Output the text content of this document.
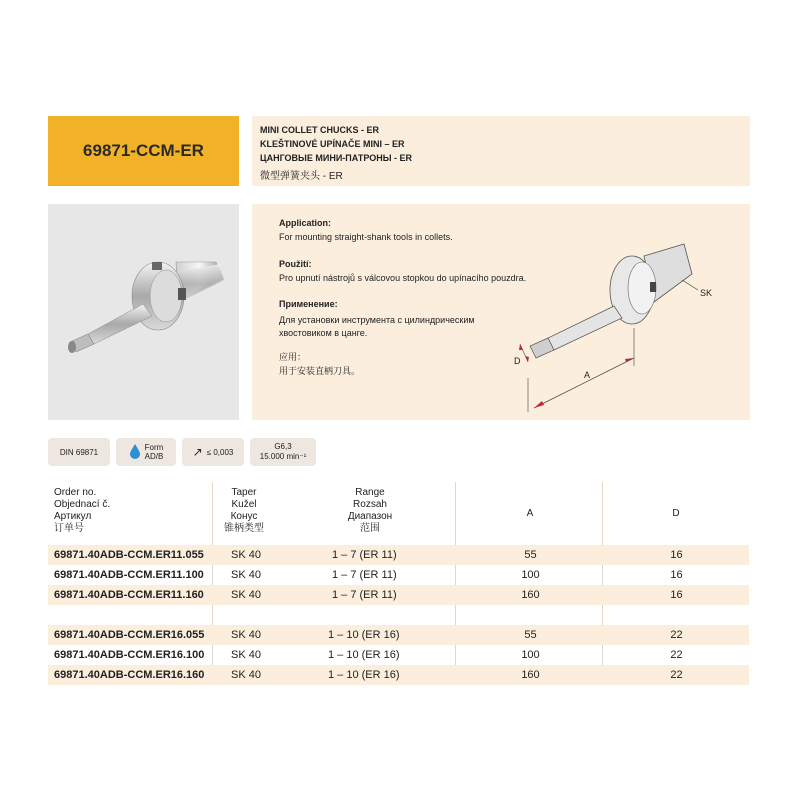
69871-CCM-ER
MINI COLLET CHUCKS - ER
KLEŠTINOVÉ UPÍNAČE MINI – ER
ЦАНГОВЫЕ МИНИ-ПАТРОНЫ - ER
微型弹簧夹头 - ER
Application:
For mounting straight-shank tools in collets.
Použití:
Pro upnutí nástrojů s válcovou stopkou do upínacího pouzdra.
Применение:
Для установки инструмента с цилиндрическим
хвостовиком в цанге.
应用：
用于安装直柄刀具。
SK
A
D
DIN 69871	Form
AD/B ↗ ≤ 0,003
G6,3
15.000 min⁻¹
Order no.
Objednací č.
Артикул
订单号
Taper
Kužel
Конус
锥柄类型
Range
Rozsah
Диапазон
范围
A	D
69871.40ADB-CCM.ER11.055 SK 40	1 – 7 (ER 11)	55	16
69871.40ADB-CCM.ER11.100 SK 40	1 – 7 (ER 11)	100	16
69871.40ADB-CCM.ER11.160 SK 40	1 – 7 (ER 11)	160	16
69871.40ADB-CCM.ER16.055 SK 40	1 – 10 (ER 16)	55	22
69871.40ADB-CCM.ER16.100 SK 40	1 – 10 (ER 16)	100	22
69871.40ADB-CCM.ER16.160 SK 40	1 – 10 (ER 16)	160	22
